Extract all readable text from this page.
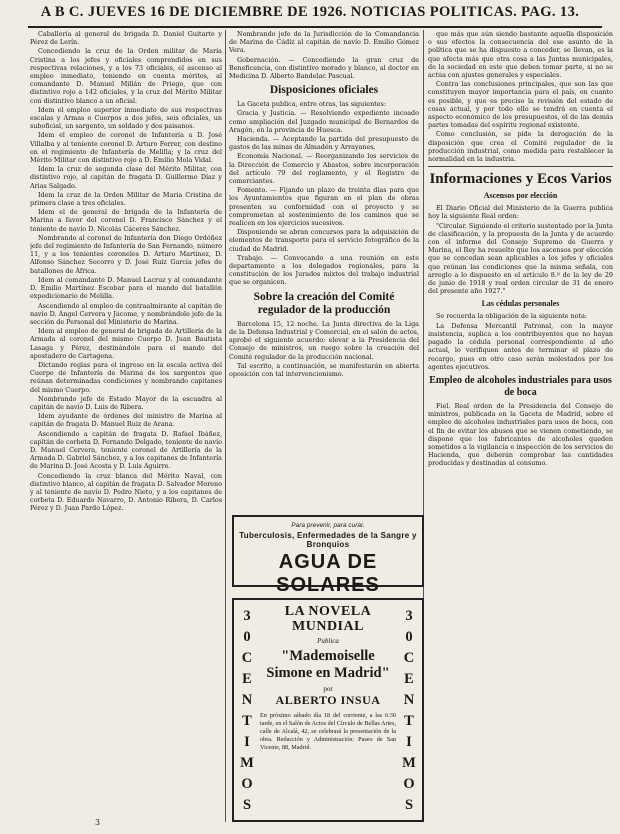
A B C. JUEVES 16 DE DICIEMBRE DE 1926. NOTICIAS POLITICAS. PAG. 13.

Caballería al general de brigada D. Daniel Guitarte y Pérez de Lerín.

Concediendo la cruz de la Orden militar de María Cristina a los jefes y oficiales comprendidos en sus respectivas relaciones, y a los 73 oficiales, el ascenso al empleo inmediato, teniendo en cuenta méritos, al comandante D. Manuel Millán de Priego, que con distintivo rojo a 142 oficiales, y la cruz del Mérito Militar con distintivo blanco a un oficial.

Idem el empleo superior inmediato de sus respectivas escalas y Armas o Cuerpos a dos jefes, seis oficiales, un suboficial, un sargento, un soldado y dos paisanos.

Idem el empleo de coronel de Infantería a D. José Villalba y al teniente coronel D. Arturo Ferrer, con destino en el regimiento de Infantería de Melilla; y la cruz del Mérito Militar con distintivo rojo a D. Emilio Mola Vidal.

Idem la cruz de segunda clase del Mérito Militar, con distintivo rojo, al capitán de fragata D. Guillermo Díaz y Arias Salgado.

Idem la cruz de la Orden Militar de María Cristina de primera clase a tres oficiales.

Idem el de general de brigada de la Infantería de Marina a favor del coronel D. Francisco Sánchez y el teniente de navío D. Nicolás Cáceres Sánchez.

Nombrando al coronel de Infantería don Diego Ordóñez jefe del regimiento de Infantería de San Fernando, número 11, y a los tenientes coroneles D. Arturo Martínez, D. Alfonso Sánchez Socorro y D. José Ruiz García jefes de batallones de África.

Idem al comandante D. Manuel Lacruz y al comandante D. Emilio Martínez Escobar para el mando del batallón expedicionario de Melilla.

Ascendiendo al empleo de contraalmirante al capitán de navío D. Ángel Cervera y Jácome, y nombrándole jefe de la sección de Personal del Ministerio de Marina.

Idem al empleo de general de brigada de Artillería de la Armada al coronel del mismo Cuerpo D. Juan Bautista Lasaga y Pérez, destinándole para el mando del apostadero de Cartagena.

Dictando reglas para el ingreso en la escala activa del Cuerpo de Infantería de Marina de los sargentos que reúnan determinadas condiciones y nombrando capitanes del mismo Cuerpo.

Nombrando jefe de Estado Mayor de la escuadra al capitán de navío D. Luis de Ribera.

Idem ayudante de órdenes del ministro de Marina al capitán de fragata D. Manuel Ruiz de Arana.

Ascendiendo a capitán de fragata D. Rafael Ibáñez, capitán de corbeta D. Fernando Delgado, teniente de navío D. Manuel Cervera, teniente coronel de Artillería de la Armada D. Gabriel Sánchez, y a los capitanes de Infantería de Marina D. José Acosta y D. Luis Aguirre.

Concediendo la cruz blanca del Mérito Naval, con distintivo blanco, al capitán de fragata D. Salvador Moreno y al teniente de navío D. Pedro Nieto, y a los capitanes de corbeta D. Eduardo Navarro, D. Antonio Ribera, D. Carlos Pérez y D. Juan Pardo López.

Nombrando jefe de la Jurisdicción de la Comandancia de Marina de Cádiz al capitán de navío D. Emilio Gómez Vera.

Gobernación. — Concediendo la gran cruz de Beneficencia, con distintivo morado y blanco, al doctor en Medicina D. Alberto Bandelac Pascual.

Disposiciones oficiales

La Gaceta publica, entre otras, las siguientes:

Gracia y Justicia. — Resolviendo expediente incoado como ampliación del Juzgado municipal de Bernardos de Aragón, en la provincia de Huesca.

Hacienda. — Aceptando la partida del presupuesto de gastos de las minas de Almadén y Arrayanes.

Economía Nacional. — Reorganizando los servicios de la Dirección de Comercio y Abastos, sobre incorporación del artículo 79 del reglamento, y el Registro de comerciantes.

Fomento. — Fijando un plazo de treinta días para que los Ayuntamientos que figuran en el plan de obras presenten su conformidad con el proyecto y se comprometan al sostenimiento de los caminos que se realicen en los ejercicios sucesivos.

Disponiendo se abran concursos para la adquisición de elementos de transporte para el servicio fotográfico de la ciudad de Madrid.

Trabajo. — Convocando a una reunión en este departamento a los delegados regionales, para la constitución de los Jurados mixtos del trabajo industrial que se organicen.

Sobre la creación del Comité regulador de la producción

Barcelona 15, 12 noche. La Junta directiva de la Liga de la Defensa Industrial y Comercial, en el salón de actos, aprobó el siguiente acuerdo: elevar a la Presidencia del Consejo de ministros, un ruego sobre la creación del Comité regulador de la producción nacional.

Tal escrito, a continuación, se manifestarán en abierta oposición con tal intervencionismo.

Para prevenir, para curar.
Tuberculosis, Enfermedades de la Sangre y Bronquios
AGUA DE SOLARES
3
0
C
E
N
T
I
M
O
S
3
0
C
E
N
T
I
M
O
S
LA NOVELA MUNDIAL
Publica
"Mademoiselle Simone en Madrid"
por
ALBERTO INSUA
En próximo sábado día 18 del corriente, a las 6:30 tarde, en el Salón de Actos del Círculo de Bellas Artes, calle de Alcalá, 42, se celebrará la presentación de la obra. Redacción y Administración: Paseo de San Vicente, 88, Madrid.

que más que aún siendo bastante aquella disposición o sus efectos la consecuencia del ese asunto de la política que se ha dispuesto a conceder, se llevan, es la que afecta más que otra cosa a las Juntas municipales, de la sociedad en este que deben tomar parte, si no se actúa con ajustes generales y especiales.

Contra las conclusiones principales, que son las que constituyen mayor importancia para el país, en cuanto es posible, y que es preciso la revisión del estado de cosas actual, y por todo ello se tendrá en cuenta el aspecto económico de los presupuestos, el de las demás partes tomadas del espíritu regional existente.

Como conclusión, se pide la derogación de la disposición que crea el Comité regulador de la producción industrial, como medida para restablecer la normalidad en la industria.

Informaciones y Ecos Varios
Ascensos por elección

El Diario Oficial del Ministerio de la Guerra publica hoy la siguiente Real orden:

"Circular. Siguiendo el criterio sustentado por la Junta de clasificación, y la propuesta de la Junta y de acuerdo con el informe del Consejo Supremo de Guerra y Marina, el Rey ha resuelto que los ascensos por elección que se concedan sean aplicables a los jefes y oficiales que reúnan las condiciones que la misma señala, con arreglo a lo dispuesto en el artículo 8.º de la ley de 29 de junio de 1918 y real orden circular de 31 de enero del presente año 1927."

Las cédulas personales

Se recuerda la obligación de la siguiente nota:

La Defensa Mercantil Patronal, con la mayor insistencia, suplica a los contribuyentes que no hayan pagado la cédula personal correspondiente al año actual, lo verifiquen antes de terminar el plazo de recargo, pues en otro caso serán molestados por los agentes ejecutivos.

Empleo de alcoholes industriales para usos de boca

Fiel. Real orden de la Presidencia del Consejo de ministros, publicada en la Gaceta de Madrid, sobre el empleo de alcoholes industriales para usos de boca, con el fin de evitar los abusos que se vienen cometiendo, se dispone que los fabricantes de alcoholes queden sometidos a la vigilancia e inspección de los servicios de Hacienda, que deberán comprobar las cantidades producidas y destinadas al consumo.

3
